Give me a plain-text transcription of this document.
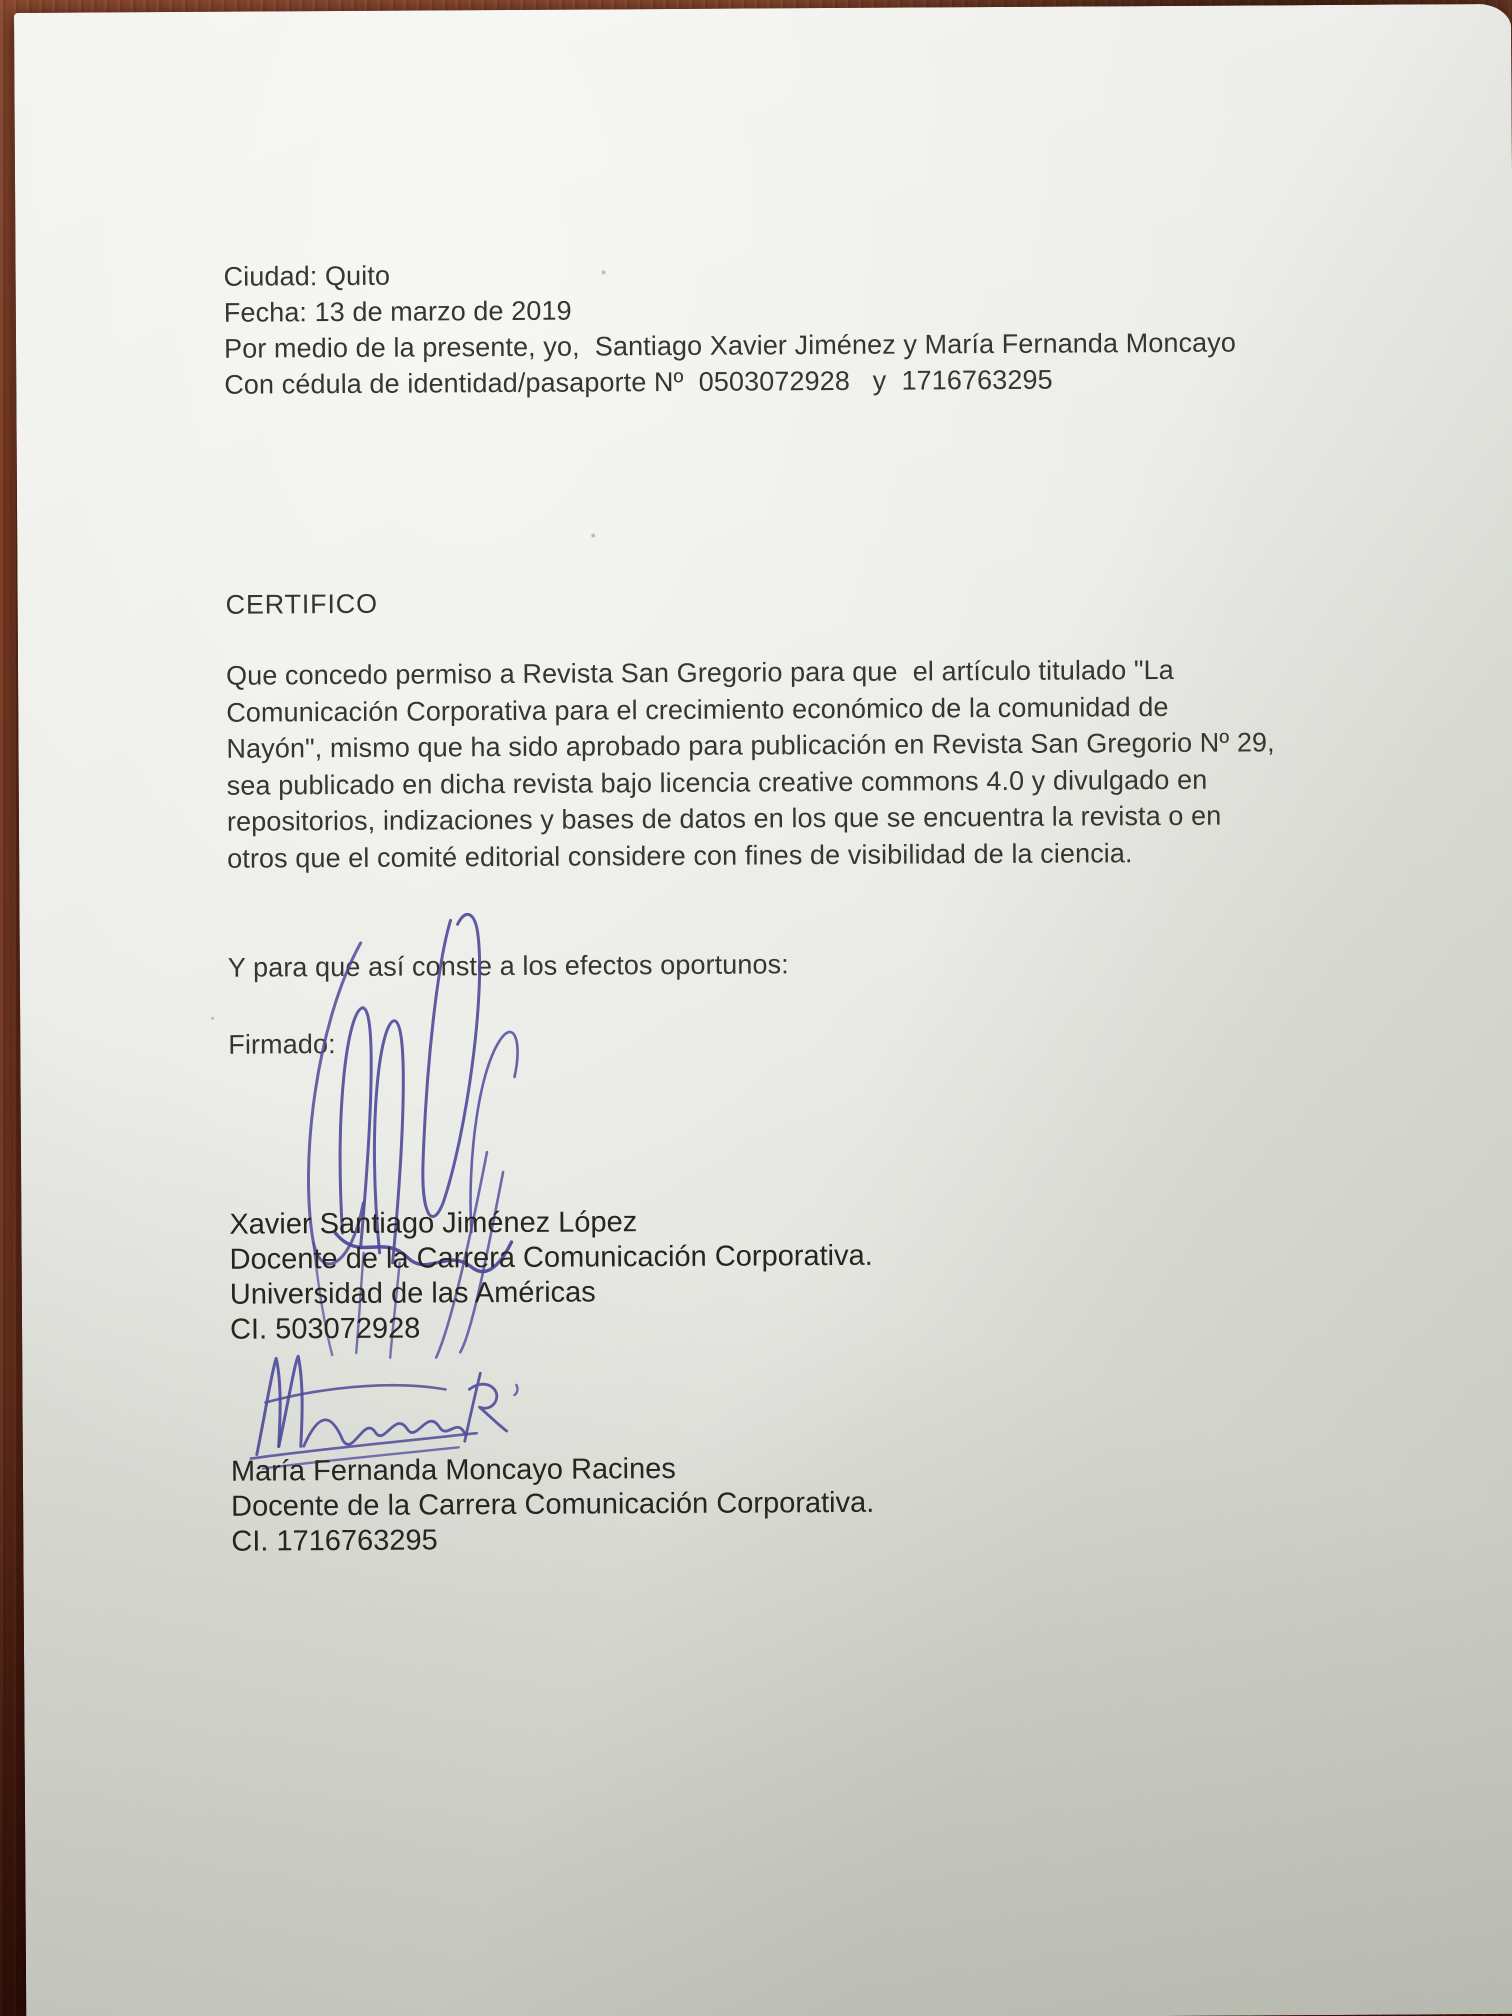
Ciudad: Quito
Fecha: 13 de marzo de 2019
Por medio de la presente, yo,  Santiago Xavier Jiménez y María Fernanda Moncayo
Con cédula de identidad/pasaporte Nº  0503072928   y  1716763295
CERTIFICO
Que concedo permiso a Revista San Gregorio para que  el artículo titulado "La
Comunicación Corporativa para el crecimiento económico de la comunidad de
Nayón", mismo que ha sido aprobado para publicación en Revista San Gregorio Nº 29,
sea publicado en dicha revista bajo licencia creative commons 4.0 y divulgado en
repositorios, indizaciones y bases de datos en los que se encuentra la revista o en
otros que el comité editorial considere con fines de visibilidad de la ciencia.
Y para que así conste a los efectos oportunos:
Firmado:
Xavier Santiago Jiménez López
Docente de la Carrera Comunicación Corporativa.
Universidad de las Américas
CI. 503072928
María Fernanda Moncayo Racines
Docente de la Carrera Comunicación Corporativa.
CI. 1716763295
